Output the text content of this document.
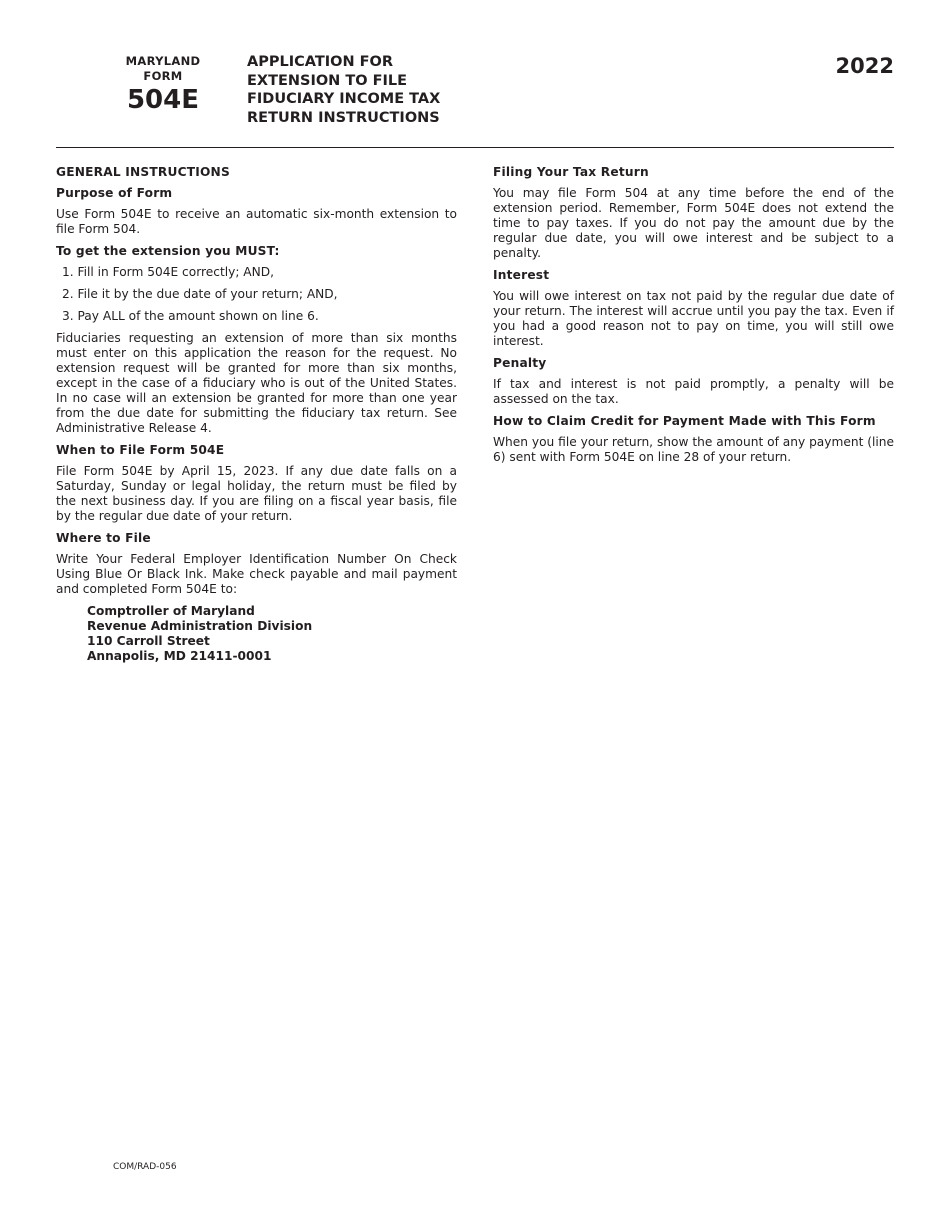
MARYLAND
FORM
504E
APPLICATION FOR
EXTENSION TO FILE
FIDUCIARY INCOME TAX
RETURN INSTRUCTIONS
2022
GENERAL INSTRUCTIONS
Purpose of Form

Use Form 504E to receive an automatic six-month extension to file Form 504.

To get the extension you MUST:
1. Fill in Form 504E correctly; AND,
2. File it by the due date of your return; AND,
3. Pay ALL of the amount shown on line 6.

Fiduciaries requesting an extension of more than six months must enter on this application the reason for the request. No extension request will be granted for more than six months, except in the case of a fiduciary who is out of the United States. In no case will an extension be granted for more than one year from the due date for submitting the fiduciary tax return. See Administrative Release 4.

When to File Form 504E

File Form 504E by April 15, 2023. If any due date falls on a Saturday, Sunday or legal holiday, the return must be filed by the next business day. If you are filing on a fiscal year basis, file by the regular due date of your return.

Where to File

Write Your Federal Employer Identification Number On Check Using Blue Or Black Ink. Make check payable and mail payment and completed Form 504E to:

Comptroller of Maryland
Revenue Administration Division
110 Carroll Street
Annapolis, MD 21411-0001
Filing Your Tax Return

You may file Form 504 at any time before the end of the extension period. Remember, Form 504E does not extend the time to pay taxes. If you do not pay the amount due by the regular due date, you will owe interest and be subject to a penalty.

Interest

You will owe interest on tax not paid by the regular due date of your return. The interest will accrue until you pay the tax. Even if you had a good reason not to pay on time, you will still owe interest.

Penalty

If tax and interest is not paid promptly, a penalty will be assessed on the tax.

How to Claim Credit for Payment Made with This Form

When you file your return, show the amount of any payment (line 6) sent with Form 504E on line 28 of your return.

COM/RAD-056
